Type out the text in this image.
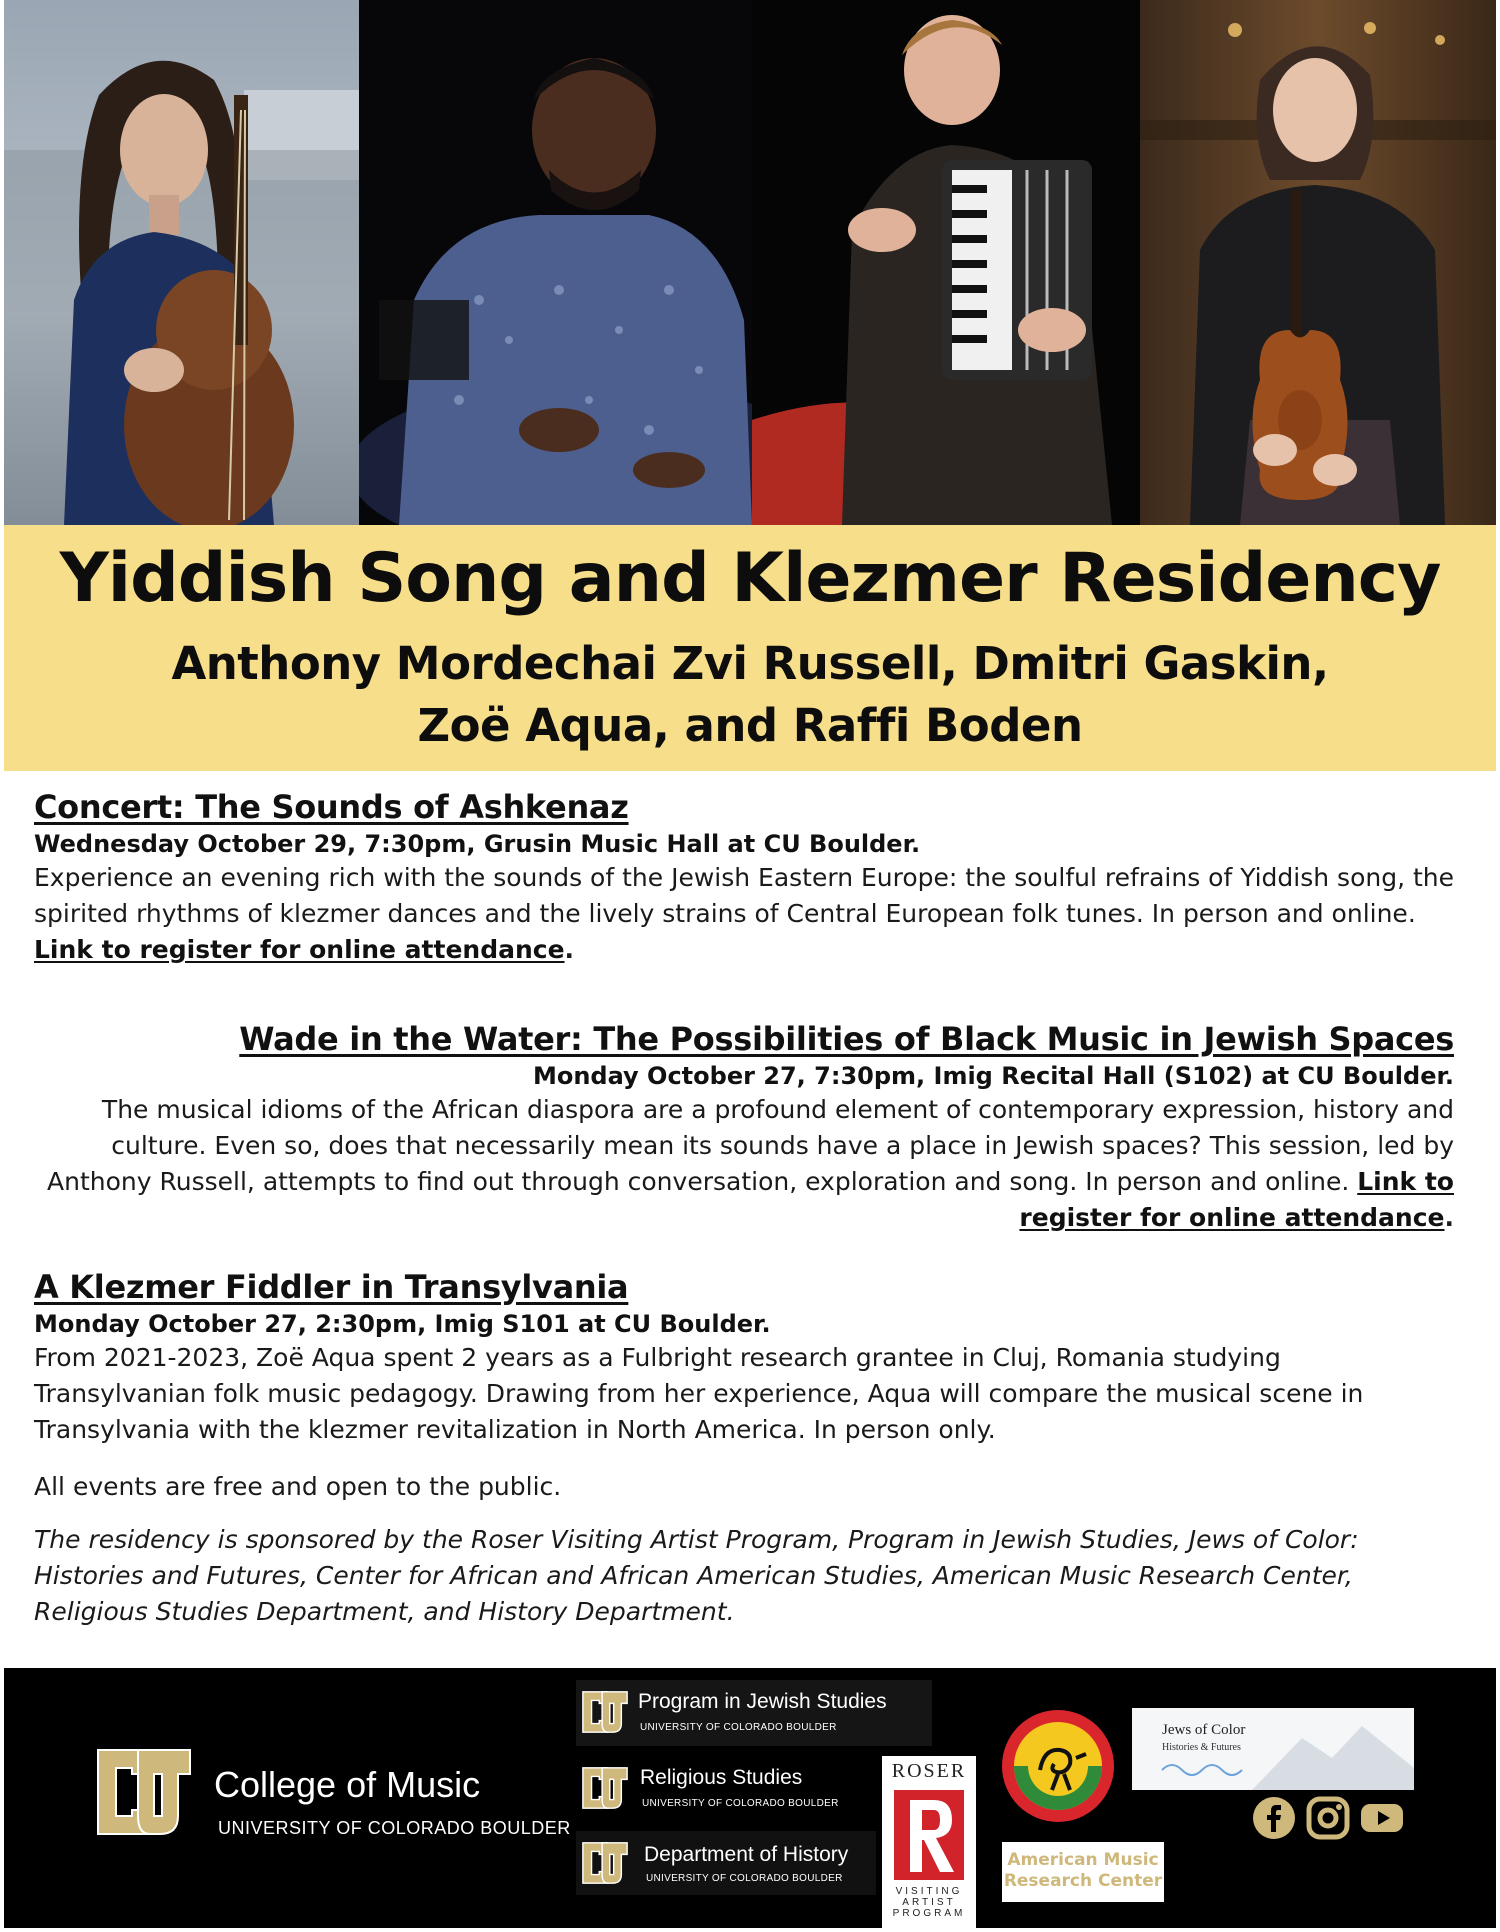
Yiddish Song and Klezmer Residency
Anthony Mordechai Zvi Russell, Dmitri Gaskin,
Zoë Aqua, and Raffi Boden
Concert: The Sounds of Ashkenaz
Wednesday October 29, 7:30pm, Grusin Music Hall at CU Boulder.
Experience an evening rich with the sounds of the Jewish Eastern Europe: the soulful refrains of Yiddish song, the spirited rhythms of klezmer dances and the lively strains of Central European folk tunes. In person and online. Link to register for online attendance.
Wade in the Water: The Possibilities of Black Music in Jewish Spaces
Monday October 27, 7:30pm, Imig Recital Hall (S102) at CU Boulder.
The musical idioms of the African diaspora are a profound element of contemporary expression, history and culture. Even so, does that necessarily mean its sounds have a place in Jewish spaces? This session, led by Anthony Russell, attempts to find out through conversation, exploration and song. In person and online. Link to register for online attendance.
A Klezmer Fiddler in Transylvania
Monday October 27, 2:30pm, Imig S101 at CU Boulder.
From 2021-2023, Zoë Aqua spent 2 years as a Fulbright research grantee in Cluj, Romania studying Transylvanian folk music pedagogy. Drawing from her experience, Aqua will compare the musical scene in Transylvania with the klezmer revitalization in North America. In person only.
All events are free and open to the public.
The residency is sponsored by the Roser Visiting Artist Program, Program in Jewish Studies, Jews of Color: Histories and Futures, Center for African and African American Studies, American Music Research Center, Religious Studies Department, and History Department.
College of Music
UNIVERSITY OF COLORADO BOULDER
Program in Jewish Studies
UNIVERSITY OF COLORADO BOULDER
Religious Studies
UNIVERSITY OF COLORADO BOULDER
Department of History
UNIVERSITY OF COLORADO BOULDER
ROSER
VISITING ARTIST PROGRAM
Jews of Color
Histories & Futures
American Music
Research Center
